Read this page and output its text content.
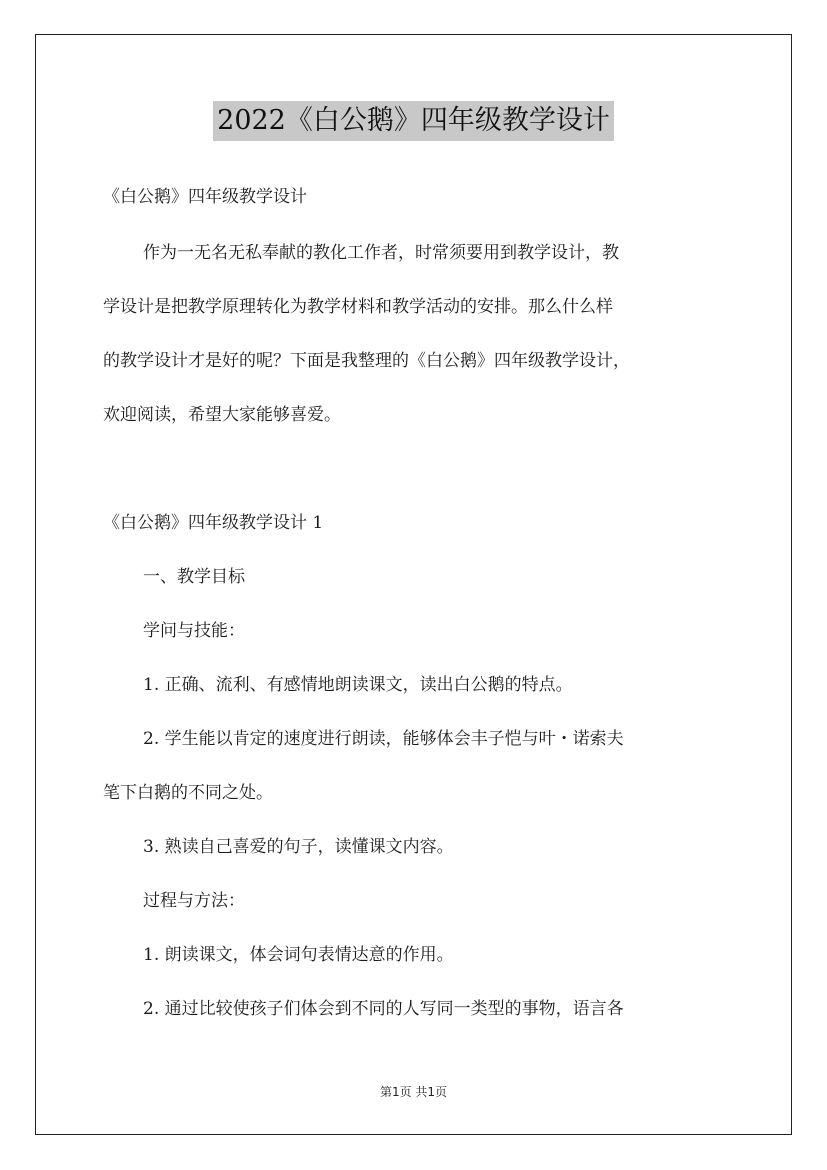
2022《白公鹅》四年级教学设计
《白公鹅》四年级教学设计
作为一无名无私奉献的教化工作者，时常须要用到教学设计，教
学设计是把教学原理转化为教学材料和教学活动的安排。那么什么样
的教学设计才是好的呢？下面是我整理的《白公鹅》四年级教学设计，
欢迎阅读，希望大家能够喜爱。
《白公鹅》四年级教学设计 1
一、教学目标
学问与技能：
1. 正确、流利、有感情地朗读课文，读出白公鹅的特点。
2. 学生能以肯定的速度进行朗读，能够体会丰子恺与叶・诺索夫
笔下白鹅的不同之处。
3. 熟读自己喜爱的句子，读懂课文内容。
过程与方法：
1. 朗读课文，体会词句表情达意的作用。
2. 通过比较使孩子们体会到不同的人写同一类型的事物，语言各
第1页 共1页
